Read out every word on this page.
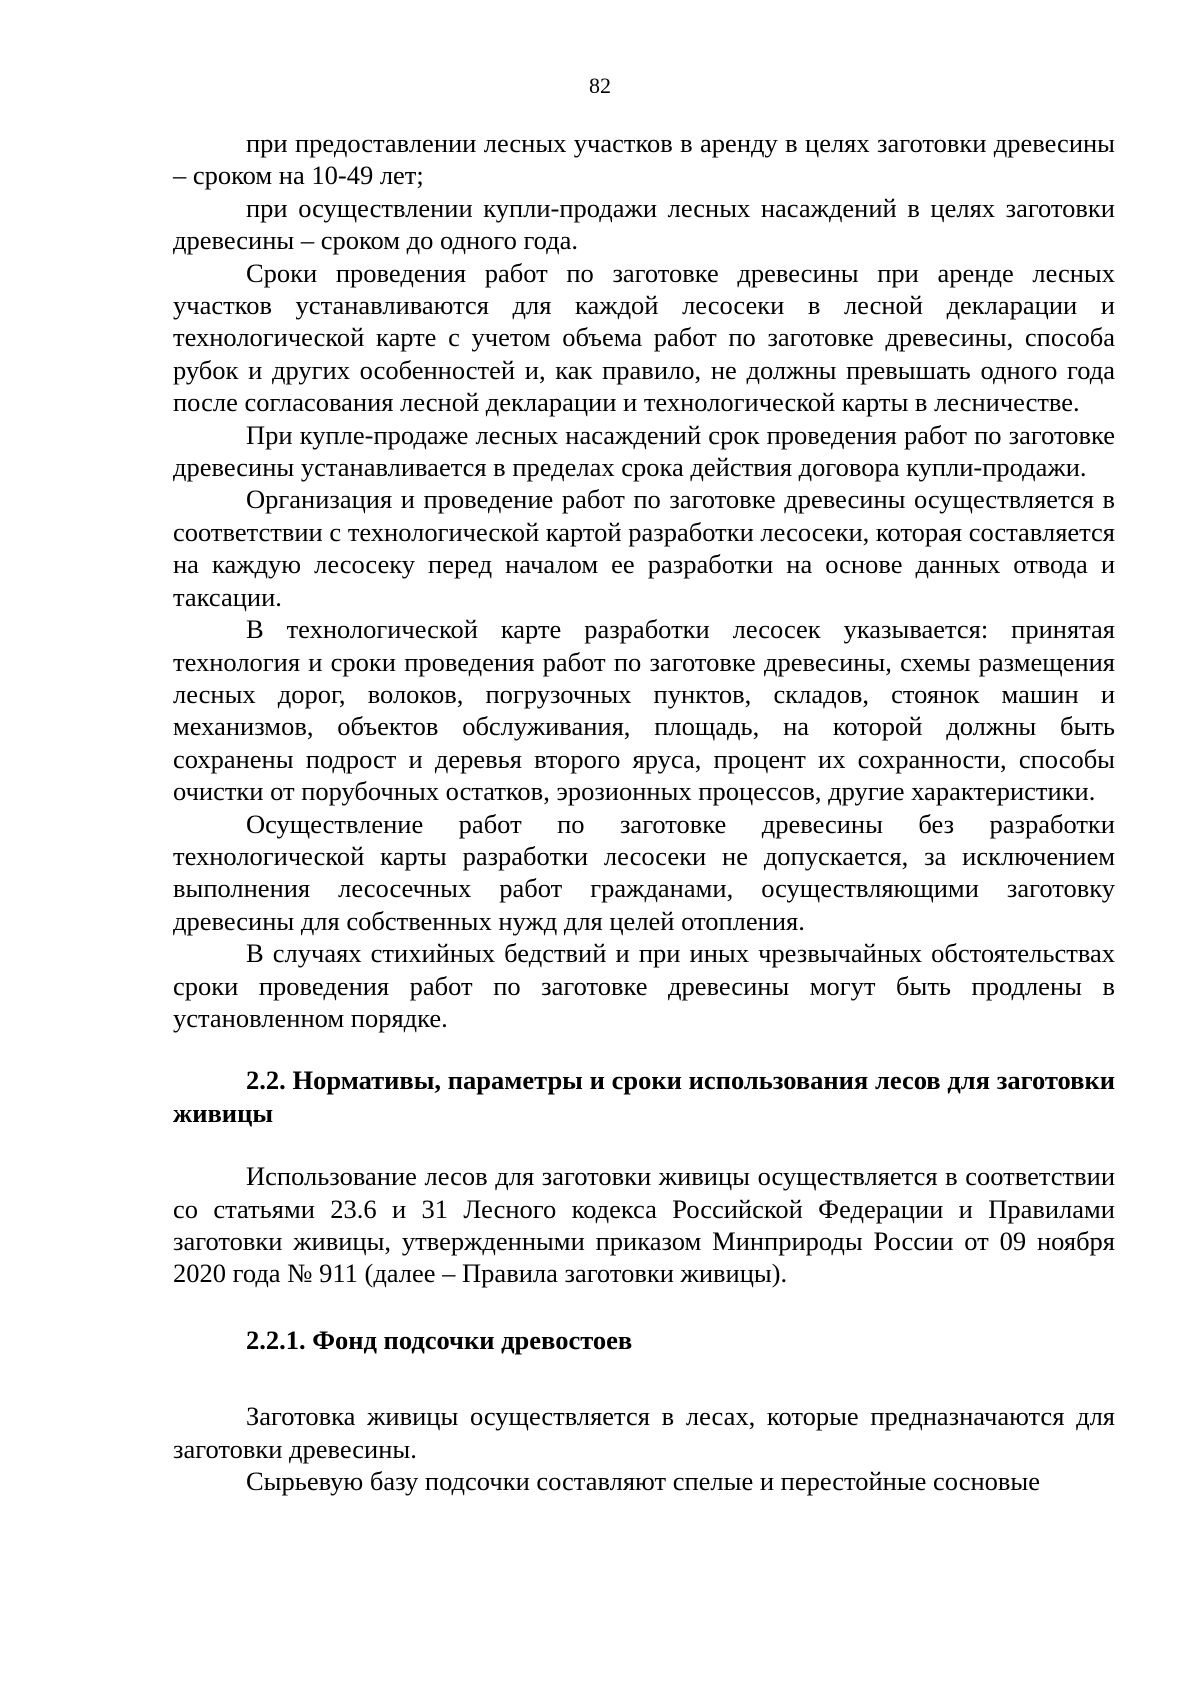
82

при предоставлении лесных участков в аренду в целях заготовки древесины – сроком на 10-49 лет;

при осуществлении купли-продажи лесных насаждений в целях заготовки древесины – сроком до одного года.

Сроки проведения работ по заготовке древесины при аренде лесных участков устанавливаются для каждой лесосеки в лесной декларации и технологической карте с учетом объема работ по заготовке древесины, способа рубок и других особенностей и, как правило, не должны превышать одного года после согласования лесной декларации и технологической карты в лесничестве.

При купле-продаже лесных насаждений срок проведения работ по заготовке древесины устанавливается в пределах срока действия договора купли-продажи.

Организация и проведение работ по заготовке древесины осуществляется в соответствии с технологической картой разработки лесосеки, которая составляется на каждую лесосеку перед началом ее разработки на основе данных отвода и таксации.

В технологической карте разработки лесосек указывается: принятая технология и сроки проведения работ по заготовке древесины, схемы размещения лесных дорог, волоков, погрузочных пунктов, складов, стоянок машин и механизмов, объектов обслуживания, площадь, на которой должны быть сохранены подрост и деревья второго яруса, процент их сохранности, способы очистки от порубочных остатков, эрозионных процессов, другие характеристики.

Осуществление работ по заготовке древесины без разработки технологической карты разработки лесосеки не допускается, за исключением выполнения лесосечных работ гражданами, осуществляющими заготовку древесины для собственных нужд для целей отопления.

В случаях стихийных бедствий и при иных чрезвычайных обстоятельствах сроки проведения работ по заготовке древесины могут быть продлены в установленном порядке.

2.2. Нормативы, параметры и сроки использования лесов для заготовки живицы

Использование лесов для заготовки живицы осуществляется в соответствии со статьями 23.6 и 31 Лесного кодекса Российской Федерации и Правилами заготовки живицы, утвержденными приказом Минприроды России от 09 ноября 2020 года № 911 (далее – Правила заготовки живицы).

2.2.1. Фонд подсочки древостоев

Заготовка живицы осуществляется в лесах, которые предназначаются для заготовки древесины.

Сырьевую базу подсочки составляют спелые и перестойные сосновые
